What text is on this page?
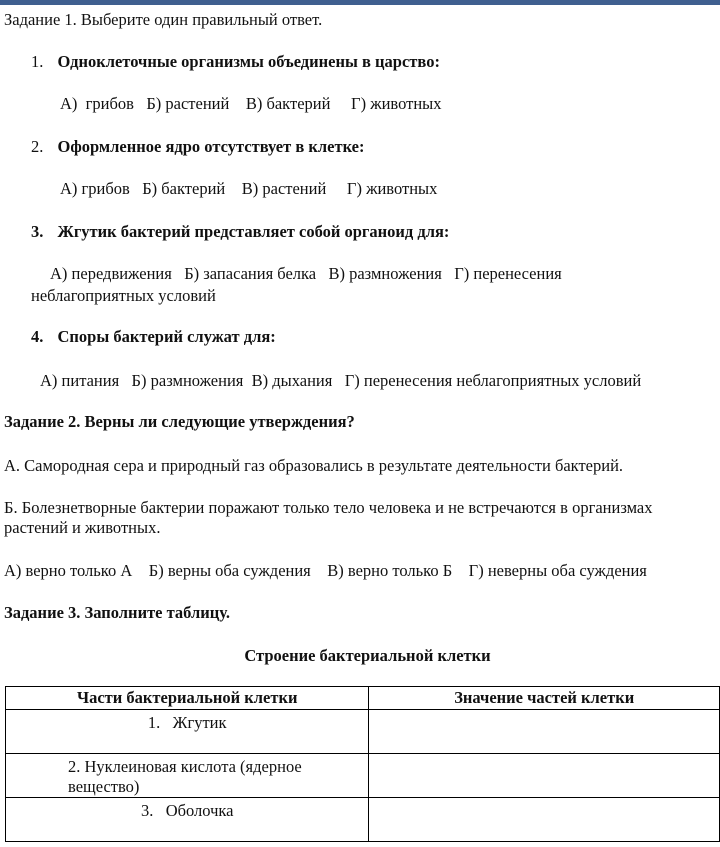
Задание 1. Выберите один правильный ответ.
1. Одноклеточные организмы объединены в царство:
А)  грибов   Б) растений    В) бактерий     Г) животных
2. Оформленное ядро отсутствует в клетке:
А) грибов   Б) бактерий    В) растений     Г) животных
3. Жгутик бактерий представляет собой органоид для:
А) передвижения   Б) запасания белка   В) размножения   Г) перенесения
неблагоприятных условий
4. Споры бактерий служат для:
А) питания   Б) размножения  В) дыхания   Г) перенесения неблагоприятных условий
Задание 2. Верны ли следующие утверждения?
А. Самородная сера и природный газ образовались в результате деятельности бактерий.
Б. Болезнетворные бактерии поражают только тело человека и не встречаются в организмах
растений и животных.
А) верно только А    Б) верны оба суждения    В) верно только Б    Г) неверны оба суждения
Задание 3. Заполните таблицу.
Строение бактериальной клетки
Части бактериальной клетки	Значение частей клетки

1.   Жгутик	

2. Нуклеиновая кислота (ядерное
вещество)	

3.   Оболочка	
